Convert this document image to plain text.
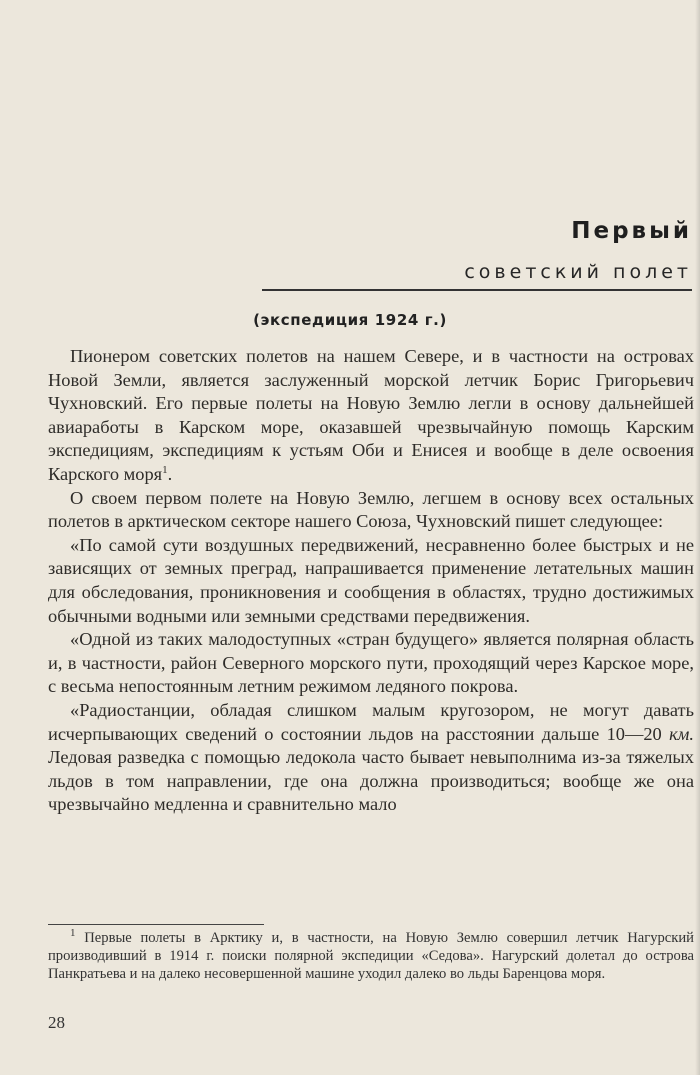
Первый
советский полет
(экспедиция 1924 г.)

Пионером советских полетов на нашем Севере, и в частности на островах Новой Земли, является заслуженный морской летчик Борис Григорьевич Чухновский. Его первые полеты на Новую Землю легли в основу дальнейшей авиаработы в Карском море, оказавшей чрезвычайную помощь Карским экспедициям, экспедициям к устьям Оби и Енисея и вообще в деле освоения Карского моря$^1$.

О своем первом полете на Новую Землю, легшем в основу всех остальных полетов в арктическом секторе нашего Союза, Чухновский пишет следующее:

«По самой сути воздушных передвижений, несравненно более быстрых и не зависящих от земных преград, напрашивается применение летательных машин для обследования, проникновения и сообщения в областях, трудно достижимых обычными водными или земными средствами передвижения.

«Одной из таких малодоступных «стран будущего» является полярная область и, в частности, район Северного морского пути, проходящий через Карское море, с весьма непостоянным летним режимом ледяного покрова.

«Радиостанции, обладая слишком малым кругозором, не могут давать исчерпывающих сведений о состоянии льдов на расстоянии дальше 10—20 км. Ледовая разведка с помощью ледокола часто бывает невыполнима из-за тяжелых льдов в том направлении, где она должна производиться; вообще же она чрезвычайно медленна и сравнительно мало

$^1$ Первые полеты в Арктику и, в частности, на Новую Землю совершил летчик Нагурский производивший в 1914 г. поиски полярной экспедиции «Седова». Нагурский долетал до острова Панкратьева и на далеко несовершенной машине уходил далеко во льды Баренцова моря.

28
